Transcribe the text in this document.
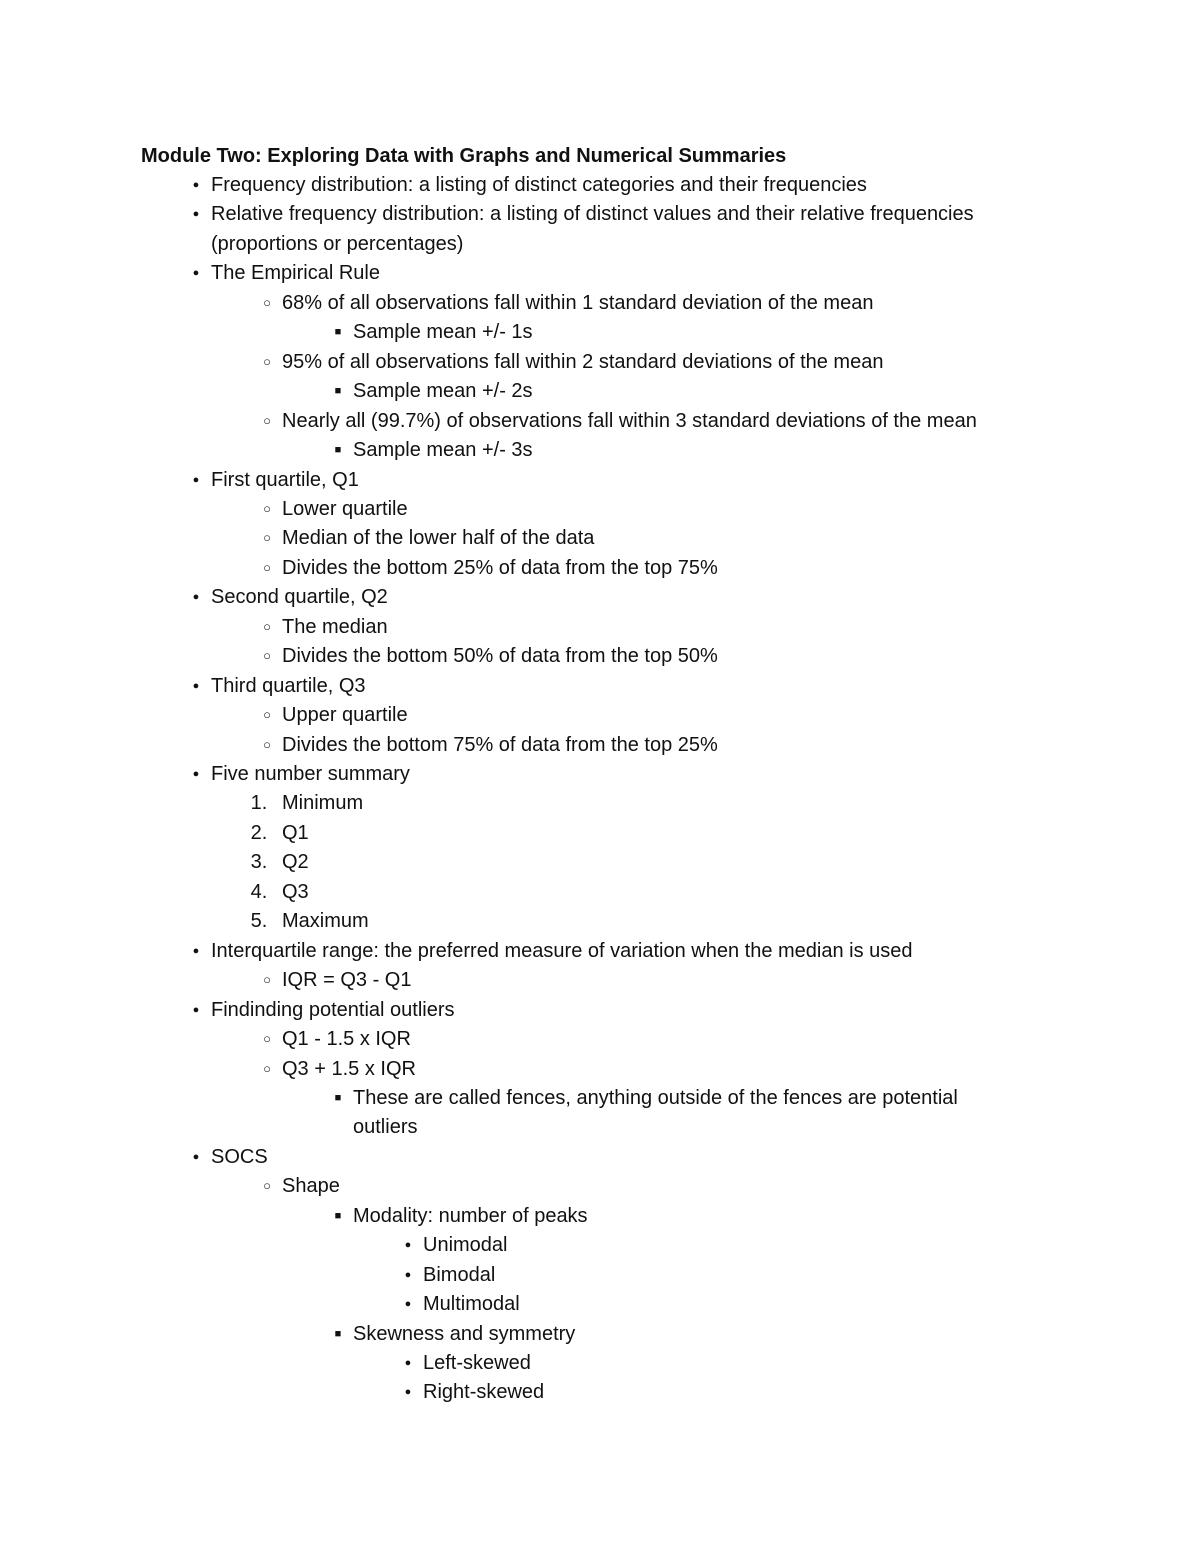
Module Two: Exploring Data with Graphs and Numerical Summaries
● Frequency distribution: a listing of distinct categories and their frequencies
● Relative frequency distribution: a listing of distinct values and their relative frequencies
(proportions or percentages)
● The Empirical Rule
○ 68% of all observations fall within 1 standard deviation of the mean
■ Sample mean +/- 1s
○ 95% of all observations fall within 2 standard deviations of the mean
■ Sample mean +/- 2s
○ Nearly all (99.7%) of observations fall within 3 standard deviations of the mean
■ Sample mean +/- 3s
● First quartile, Q1
○ Lower quartile
○ Median of the lower half of the data
○ Divides the bottom 25% of data from the top 75%
● Second quartile, Q2
○ The median
○ Divides the bottom 50% of data from the top 50%
● Third quartile, Q3
○ Upper quartile
○ Divides the bottom 75% of data from the top 25%
● Five number summary
1. Minimum
2. Q1
3. Q2
4. Q3
5. Maximum
● Interquartile range: the preferred measure of variation when the median is used
○ IQR = Q3 - Q1
● Findinding potential outliers
○ Q1 - 1.5 x IQR
○ Q3 + 1.5 x IQR
■ These are called fences, anything outside of the fences are potential
outliers
● SOCS
○ Shape
■ Modality: number of peaks
● Unimodal
● Bimodal
● Multimodal
■ Skewness and symmetry
● Left-skewed
● Right-skewed
